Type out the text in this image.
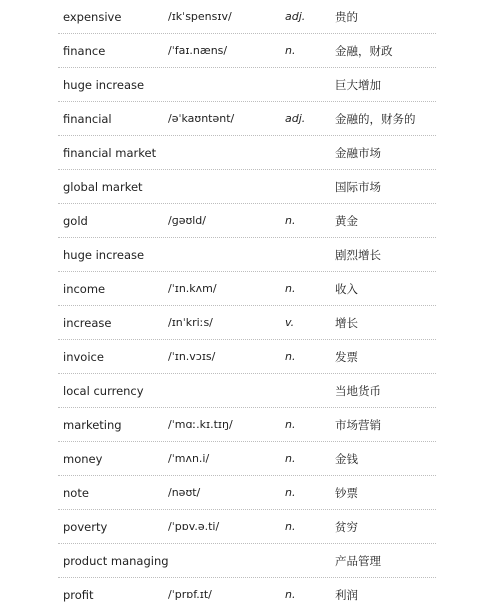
expensive	/ɪkˈspensɪv/	adj.	贵的
finance	/ˈfaɪ.næns/	n.	金融，财政
huge increase	巨大增加
financial	/əˈkaʊntənt/	adj.	金融的，财务的
financial market	金融市场
global market	国际市场
gold	/ɡəʊld/	n.	黄金
huge increase	剧烈增长
income	/ˈɪn.kʌm/	n.	收入
increase	/ɪnˈkriːs/	v.	增长
invoice	/ˈɪn.vɔɪs/	n.	发票
local currency	当地货币
marketing	/ˈmɑː.kɪ.tɪŋ/	n.	市场营销
money	/ˈmʌn.i/	n.	金钱
note	/nəʊt/	n.	钞票
poverty	/ˈpɒv.ə.ti/	n.	贫穷
product managing	产品管理
profit	/ˈprɒf.ɪt/	n.	利润
